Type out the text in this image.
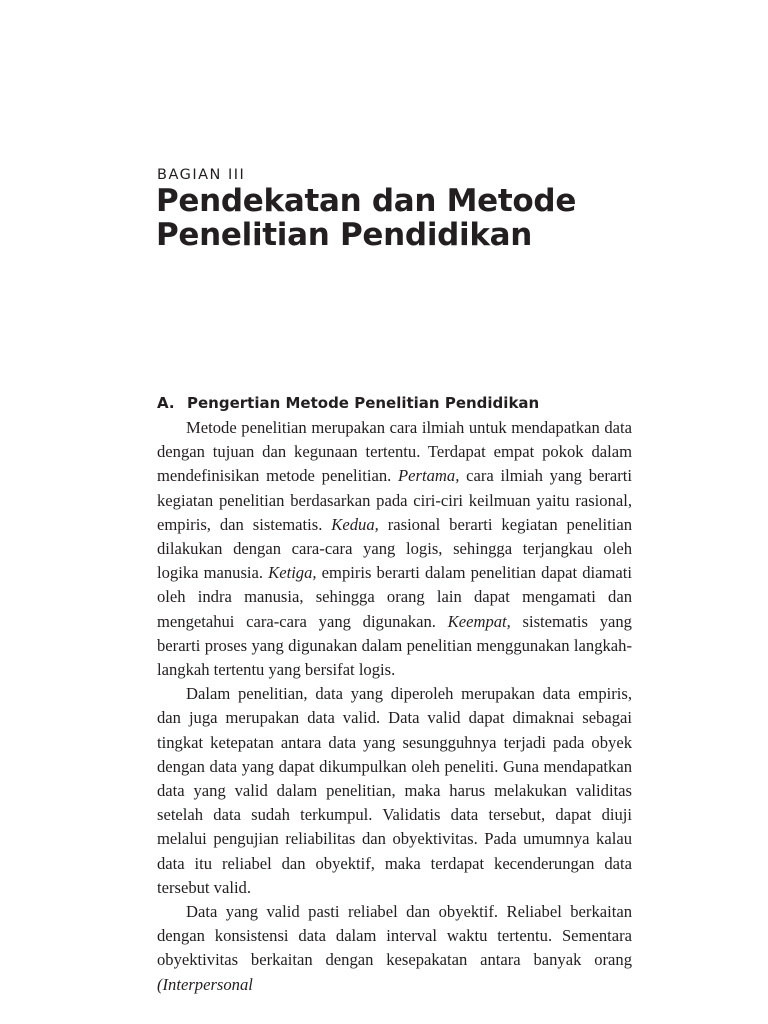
BAGIAN III
Pendekatan dan Metode
Penelitian Pendidikan
A. Pengertian Metode Penelitian Pendidikan

Metode penelitian merupakan cara ilmiah untuk mendapatkan data dengan tujuan dan kegunaan tertentu. Terdapat empat pokok dalam mendefinisikan metode penelitian. Pertama, cara ilmiah yang berarti kegiatan penelitian berdasarkan pada ciri-ciri keilmuan yaitu rasional, empiris, dan sistematis. Kedua, rasional berarti kegiatan penelitian dilakukan dengan cara-cara yang logis, sehingga terjangkau oleh logika manusia. Ketiga, empiris berarti dalam penelitian dapat diamati oleh indra manusia, sehingga orang lain dapat mengamati dan mengetahui cara-cara yang digunakan. Keempat, sistematis yang berarti proses yang digunakan dalam penelitian menggunakan langkah-langkah tertentu yang bersifat logis.

Dalam penelitian, data yang diperoleh merupakan data empiris, dan juga merupakan data valid. Data valid dapat dimaknai sebagai tingkat ketepatan antara data yang sesungguhnya terjadi pada obyek dengan data yang dapat dikumpulkan oleh peneliti. Guna mendapatkan data yang valid dalam penelitian, maka harus melakukan validitas setelah data sudah terkumpul. Validatis data tersebut, dapat diuji melalui pengujian reliabilitas dan obyektivitas. Pada umumnya kalau data itu reliabel dan obyektif, maka terdapat kecenderungan data tersebut valid.

Data yang valid pasti reliabel dan obyektif. Reliabel berkaitan dengan konsistensi data dalam interval waktu tertentu. Sementara obyektivitas berkaitan dengan kesepakatan antara banyak orang (Interpersonal
